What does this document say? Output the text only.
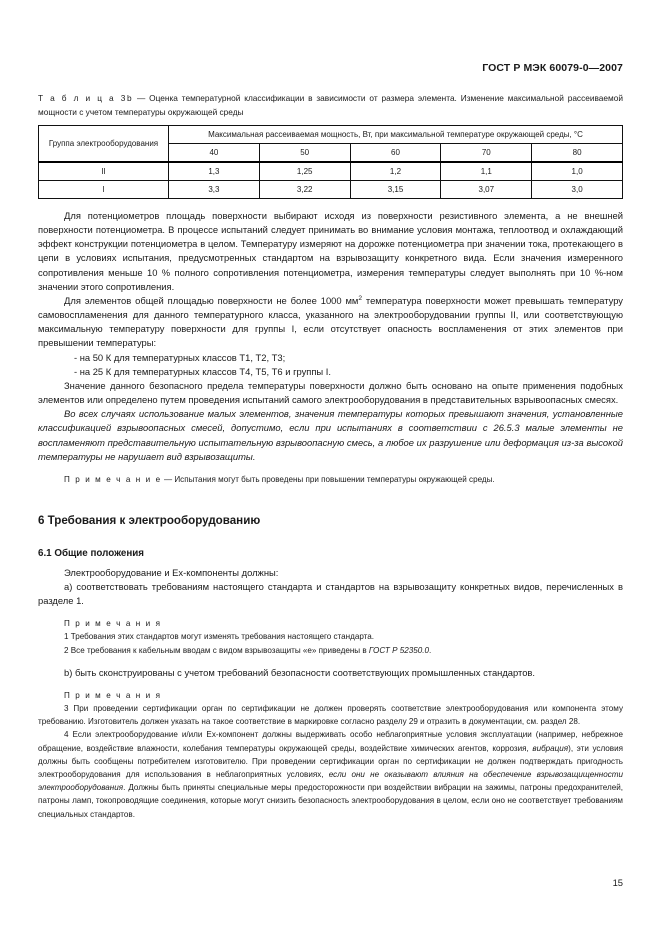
ГОСТ Р МЭК 60079-0—2007

Т а б л и ц а 3b — Оценка температурной классификации в зависимости от размера элемента. Изменение максимальной рассеиваемой мощности с учетом температуры окружающей среды

Группа электрооборудования	Максимальная рассеиваемая мощность, Вт, при максимальной температуре окружающей среды, °С				
	40	50	60	70	80
II	1,3	1,25	1,2	1,1	1,0
I	3,3	3,22	3,15	3,07	3,0

Для потенциометров площадь поверхности выбирают исходя из поверхности резистивного элемента, а не внешней поверхности потенциометра. В процессе испытаний следует принимать во внимание условия монтажа, теплоотвод и охлаждающий эффект конструкции потенциометра в целом. Температуру измеряют на дорожке потенциометра при значении тока, протекающего в цепи в условиях испытания, предусмотренных стандартом на взрывозащиту конкретного вида. Если значения измеренного сопротивления меньше 10 % полного сопротивления потенциометра, измерения температуры следует выполнять при 10 %-ном значении этого сопротивления.

Для элементов общей площадью поверхности не более 1000 $мм^2$ температура поверхности может превышать температуру самовоспламенения для данного температурного класса, указанного на электрооборудовании группы II, или соответствующую максимальную температуру поверхности для группы I, если отсутствует опасность воспламенения от этих элементов при превышении температуры:

- на 50 К для температурных классов Т1, Т2, Т3;

- на 25 К для температурных классов Т4, Т5, Т6 и группы I.

Значение данного безопасного предела температуры поверхности должно быть основано на опыте применения подобных элементов или определено путем проведения испытаний самого электрооборудования в представительных взрывоопасных смесях.

Во всех случаях использование малых элементов, значения температуры которых превышают значения, установленные классификацией взрывоопасных смесей, допустимо, если при испытаниях в соответствии с 26.5.3 малые элементы не воспламеняют представительную испытательную взрывоопасную смесь, а любое их разрушение или деформация из-за высокой температуры не нарушает вид взрывозащиты.

П р и м е ч а н и е — Испытания могут быть проведены при повышении температуры окружающей среды.

6 Требования к электрооборудованию
6.1 Общие положения

Электрооборудование и Ex-компоненты должны:

a) соответствовать требованиям настоящего стандарта и стандартов на взрывозащиту конкретных видов, перечисленных в разделе 1.

П р и м е ч а н и я

1 Требования этих стандартов могут изменять требования настоящего стандарта.

2 Все требования к кабельным вводам с видом взрывозащиты «e» приведены в ГОСТ Р 52350.0.

b) быть сконструированы с учетом требований безопасности соответствующих промышленных стандартов.

П р и м е ч а н и я

3 При проведении сертификации орган по сертификации не должен проверять соответствие электрооборудования или компонента этому требованию. Изготовитель должен указать на такое соответствие в маркировке согласно разделу 29 и отразить в документации, см. раздел 28.

4 Если электрооборудование и/или Ex-компонент должны выдерживать особо неблагоприятные условия эксплуатации (например, небрежное обращение, воздействие влажности, колебания температуры окружающей среды, воздействие химических агентов, коррозия, вибрация), эти условия должны быть сообщены потребителем изготовителю. При проведении сертификации орган по сертификации не должен подтверждать пригодность электрооборудования для использования в неблагоприятных условиях, если они не оказывают влияния на обеспечение взрывозащищенности электрооборудования. Должны быть приняты специальные меры предосторожности при воздействии вибрации на зажимы, патроны предохранителей, патроны ламп, токопроводящие соединения, которые могут снизить безопасность электрооборудования в целом, если оно не соответствует требованиям специальных стандартов.

15
